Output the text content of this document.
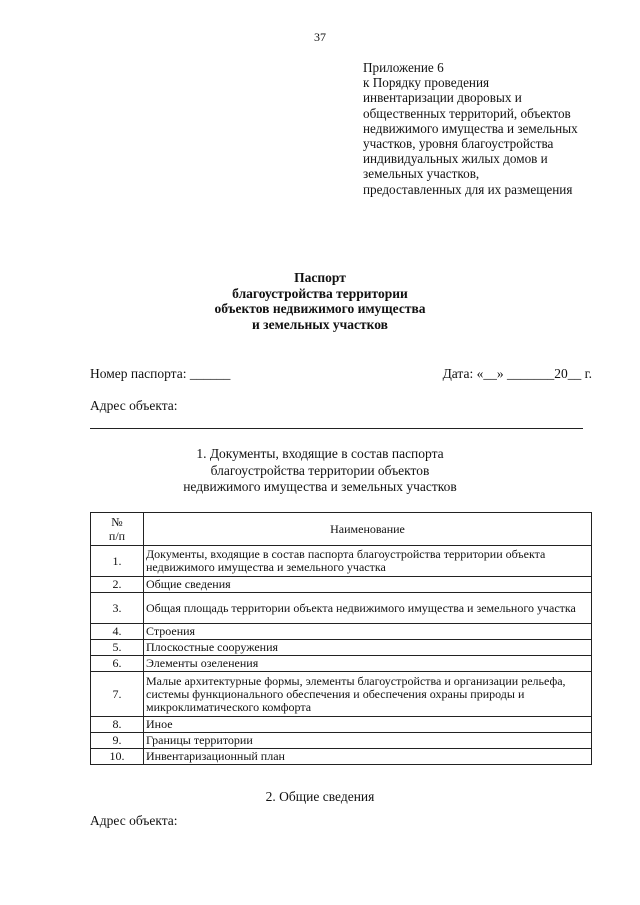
37
Приложение 6
к Порядку проведения
инвентаризации дворовых и
общественных территорий, объектов
недвижимого имущества и земельных
участков, уровня благоустройства
индивидуальных жилых домов и
земельных участков,
предоставленных для их размещения
Паспорт
благоустройства территории
объектов недвижимого имущества
и земельных участков
Номер паспорта: ______	Дата: «__» _______20__ г.
Адрес объекта:
1. Документы, входящие в состав паспорта
благоустройства территории объектов
недвижимого имущества и земельных участков
№
п/п	Наименование
1.	Документы, входящие в состав паспорта благоустройства территории объекта недвижимого имущества и земельного участка
2.	Общие сведения
3.	Общая площадь территории объекта недвижимого имущества и земельного участка
4.	Строения
5.	Плоскостные сооружения
6.	Элементы озеленения
7.	Малые архитектурные формы, элементы благоустройства и организации рельефа, системы функционального обеспечения и обеспечения охраны природы и микроклиматического комфорта
8.	Иное
9.	Границы территории
10.	Инвентаризационный план
2. Общие сведения
Адрес объекта:
